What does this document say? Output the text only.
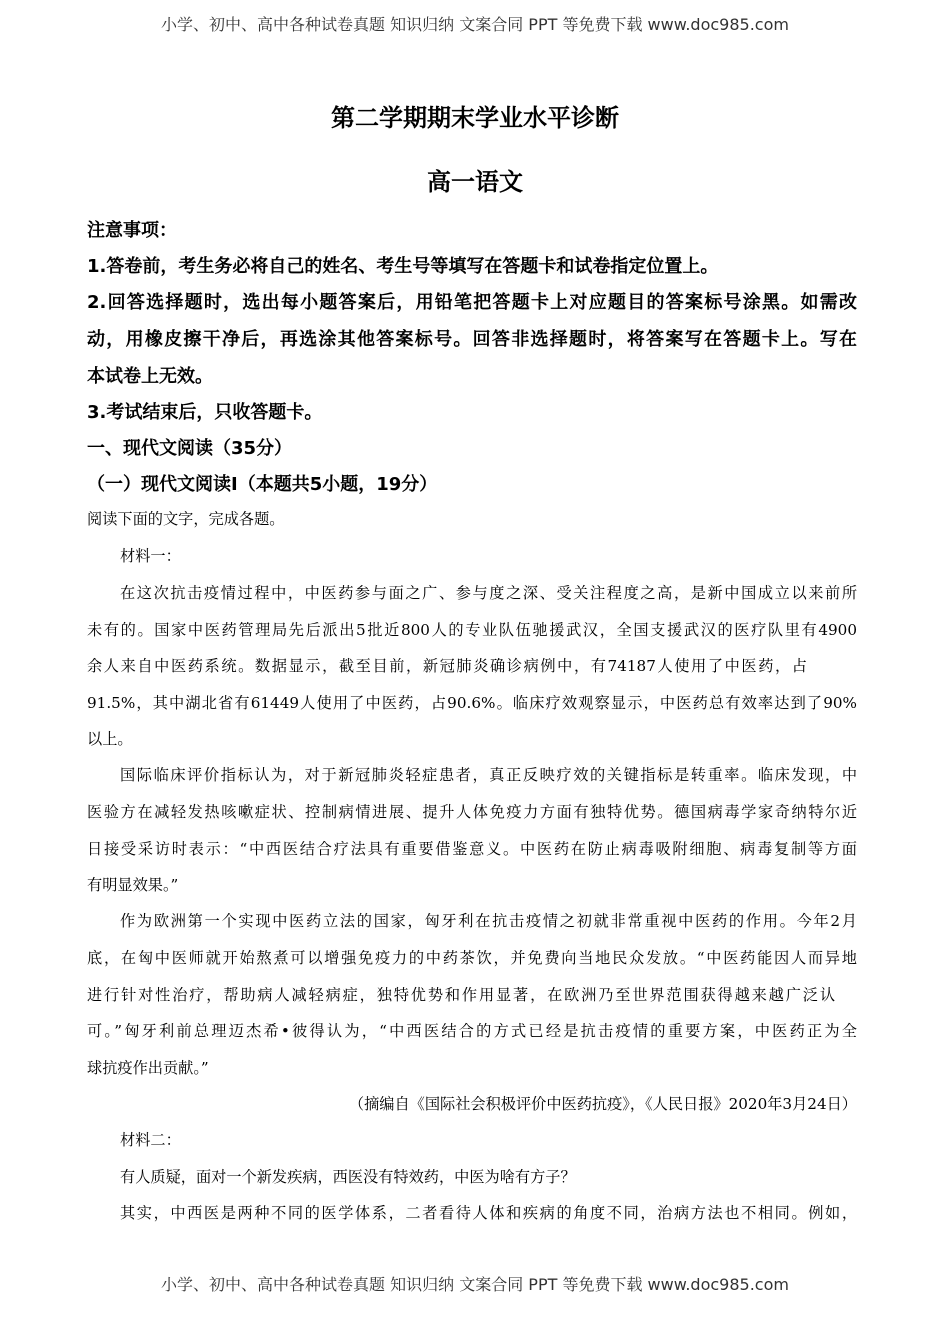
小学、初中、高中各种试卷真题 知识归纳 文案合同 PPT 等免费下载 www.doc985.com
第二学期期末学业水平诊断
高一语文
注意事项：
1.答卷前，考生务必将自己的姓名、考生号等填写在答题卡和试卷指定位置上。
2.回答选择题时，选出每小题答案后，用铅笔把答题卡上对应题目的答案标号涂黑。如需改
动，用橡皮擦干净后，再选涂其他答案标号。回答非选择题时，将答案写在答题卡上。写在
本试卷上无效。
3.考试结束后，只收答题卡。
一、现代文阅读（35分）
（一）现代文阅读Ⅰ（本题共5小题，19分）
阅读下面的文字，完成各题。
材料一：
在这次抗击疫情过程中，中医药参与面之广、参与度之深、受关注程度之高，是新中国成立以来前所
未有的。国家中医药管理局先后派出5批近800人的专业队伍驰援武汉，全国支援武汉的医疗队里有4900
余人来自中医药系统。数据显示，截至目前，新冠肺炎确诊病例中，有74187人使用了中医药，占
91.5%，其中湖北省有61449人使用了中医药，占90.6%。临床疗效观察显示，中医药总有效率达到了90%
以上。
国际临床评价指标认为，对于新冠肺炎轻症患者，真正反映疗效的关键指标是转重率。临床发现，中
医验方在减轻发热咳嗽症状、控制病情进展、提升人体免疫力方面有独特优势。德国病毒学家奇纳特尔近
日接受采访时表示：“中西医结合疗法具有重要借鉴意义。中医药在防止病毒吸附细胞、病毒复制等方面
有明显效果。”
作为欧洲第一个实现中医药立法的国家，匈牙利在抗击疫情之初就非常重视中医药的作用。今年2月
底，在匈中医师就开始熬煮可以增强免疫力的中药茶饮，并免费向当地民众发放。“中医药能因人而异地
进行针对性治疗，帮助病人减轻病症，独特优势和作用显著，在欧洲乃至世界范围获得越来越广泛认
可。”匈牙利前总理迈杰希•彼得认为，“中西医结合的方式已经是抗击疫情的重要方案，中医药正为全
球抗疫作出贡献。”
（摘编自《国际社会积极评价中医药抗疫》，《人民日报》2020年3月24日）
材料二：
有人质疑，面对一个新发疾病，西医没有特效药，中医为啥有方子？
其实，中西医是两种不同的医学体系，二者看待人体和疾病的角度不同，治病方法也不相同。例如，
小学、初中、高中各种试卷真题 知识归纳 文案合同 PPT 等免费下载 www.doc985.com
